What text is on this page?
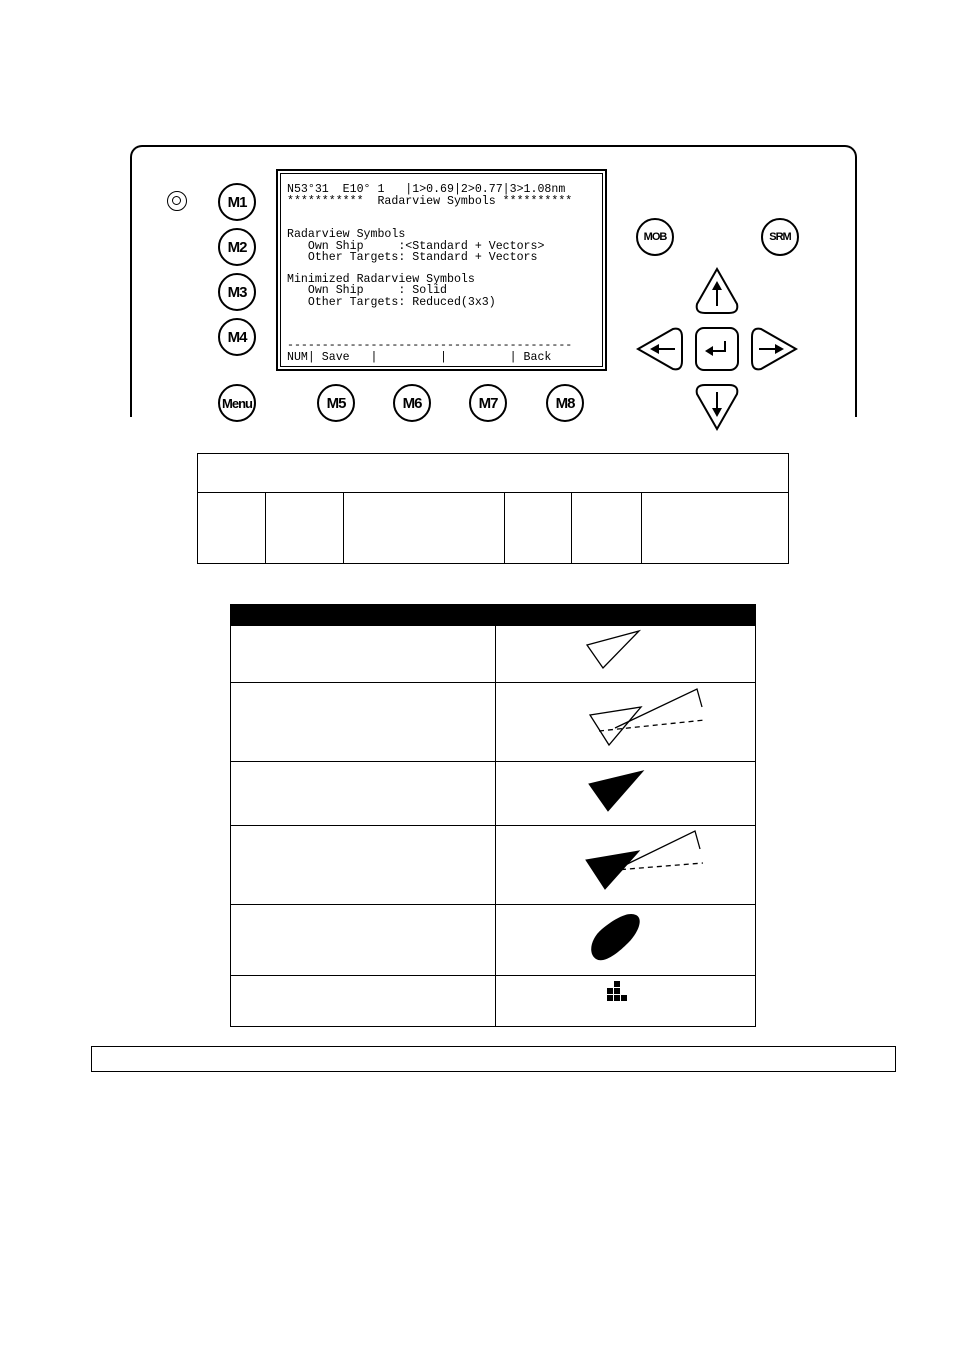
M1
M2
M3
M4
Menu	M5	M6	M7	M8
MOB	SRM
N53°31  E10° 1   |1>0.69|2>0.77|3>1.08nm
***********  Radarview Symbols **********
Radarview Symbols
Own Ship     :<Standard + Vectors>
Other Targets: Standard + Vectors
Minimized Radarview Symbols
Own Ship     : Solid
Other Targets: Reduced(3x3)
-----------------------------------------
NUM| Save   |         |         | Back
